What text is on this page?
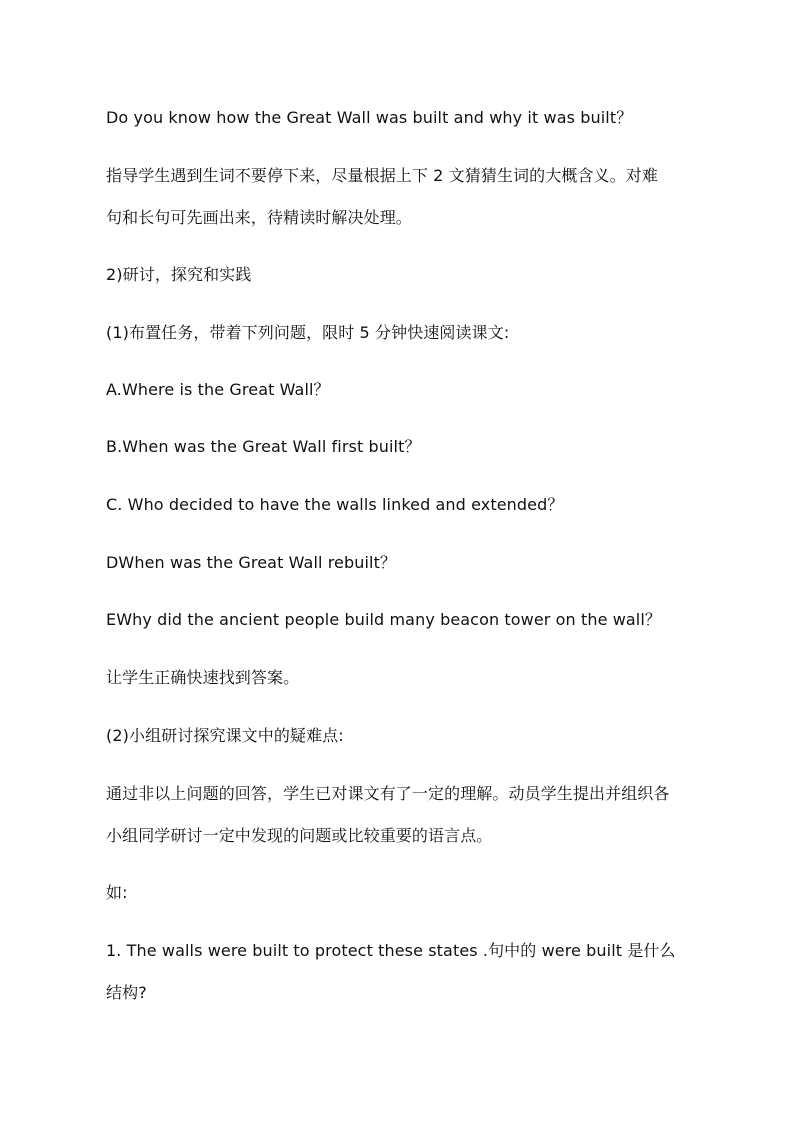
Do you know how the Great Wall was built and why it was built？
指导学生遇到生词不要停下来，尽量根据上下 2 文猜猜生词的大概含义。对难
句和长句可先画出来，待精读时解决处理。
2)研讨，探究和实践
(1)布置任务，带着下列问题，限时 5 分钟快速阅读课文:
A.Where is the Great Wall？
B.When was the Great Wall first built？
C. Who decided to have the walls linked and extended？
DWhen was the Great Wall rebuilt？
EWhy did the ancient people build many beacon tower on the wall？
让学生正确快速找到答案。
(2)小组研讨探究课文中的疑难点:
通过非以上问题的回答，学生已对课文有了一定的理解。动员学生提出并组织各
小组同学研讨一定中发现的问题或比较重要的语言点。
如:
1. The walls were built to protect these states .句中的 were built 是什么
结构?
